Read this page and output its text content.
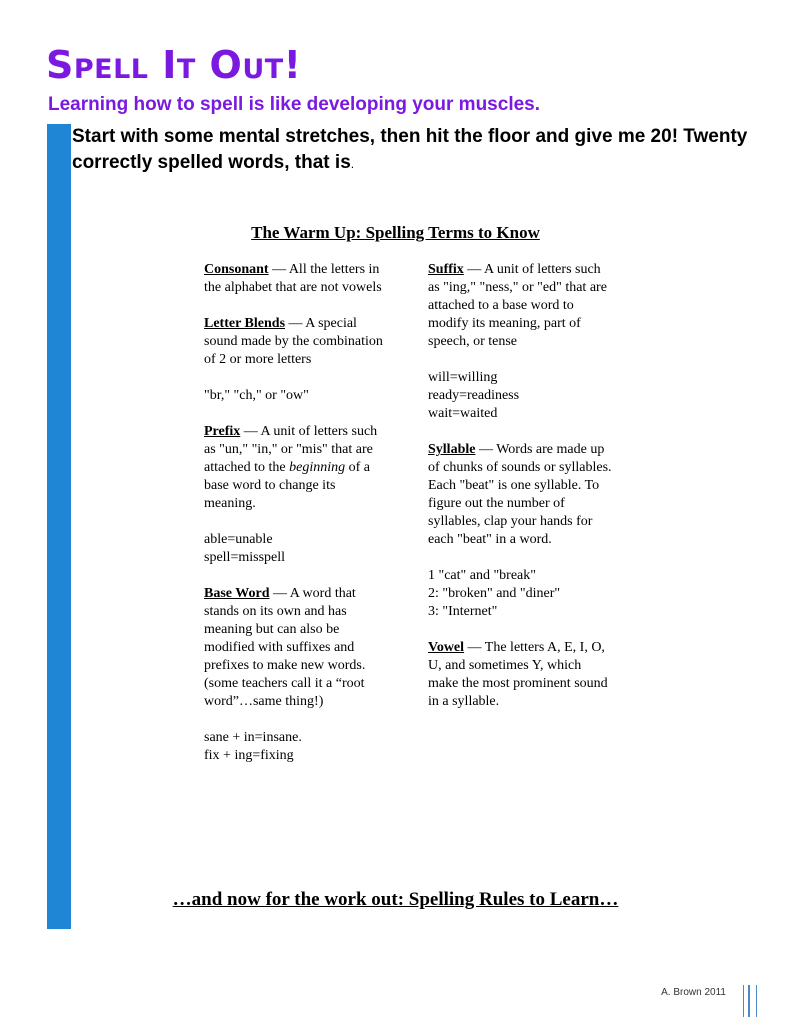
Spell It Out!

Learning how to spell is like developing your muscles.

Start with some mental stretches, then hit the floor and give me 20! Twenty correctly spelled words, that is.

The Warm Up: Spelling Terms to Know

Consonant — All the letters in the alphabet that are not vowels

Letter Blends — A special sound made by the combination of 2 or more letters

"br," "ch," or "ow"

Prefix — A unit of letters such as "un," "in," or "mis" that are attached to the beginning of a base word to change its meaning.

able=unable
spell=misspell

Base Word — A word that stands on its own and has meaning but can also be modified with suffixes and prefixes to make new words. (some teachers call it a “root word”…same thing!)

sane + in=insane.
fix + ing=fixing

Suffix — A unit of letters such as "ing," "ness," or "ed" that are attached to a base word to modify its meaning, part of speech, or tense

will=willing
ready=readiness
wait=waited

Syllable — Words are made up of chunks of sounds or syllables. Each "beat" is one syllable. To figure out the number of syllables, clap your hands for each "beat" in a word.

1 "cat" and "break"
2: "broken" and "diner"
3: "Internet"

Vowel — The letters A, E, I, O, U, and sometimes Y, which make the most prominent sound in a syllable.

…and now for the work out: Spelling Rules to Learn…
A. Brown 2011
